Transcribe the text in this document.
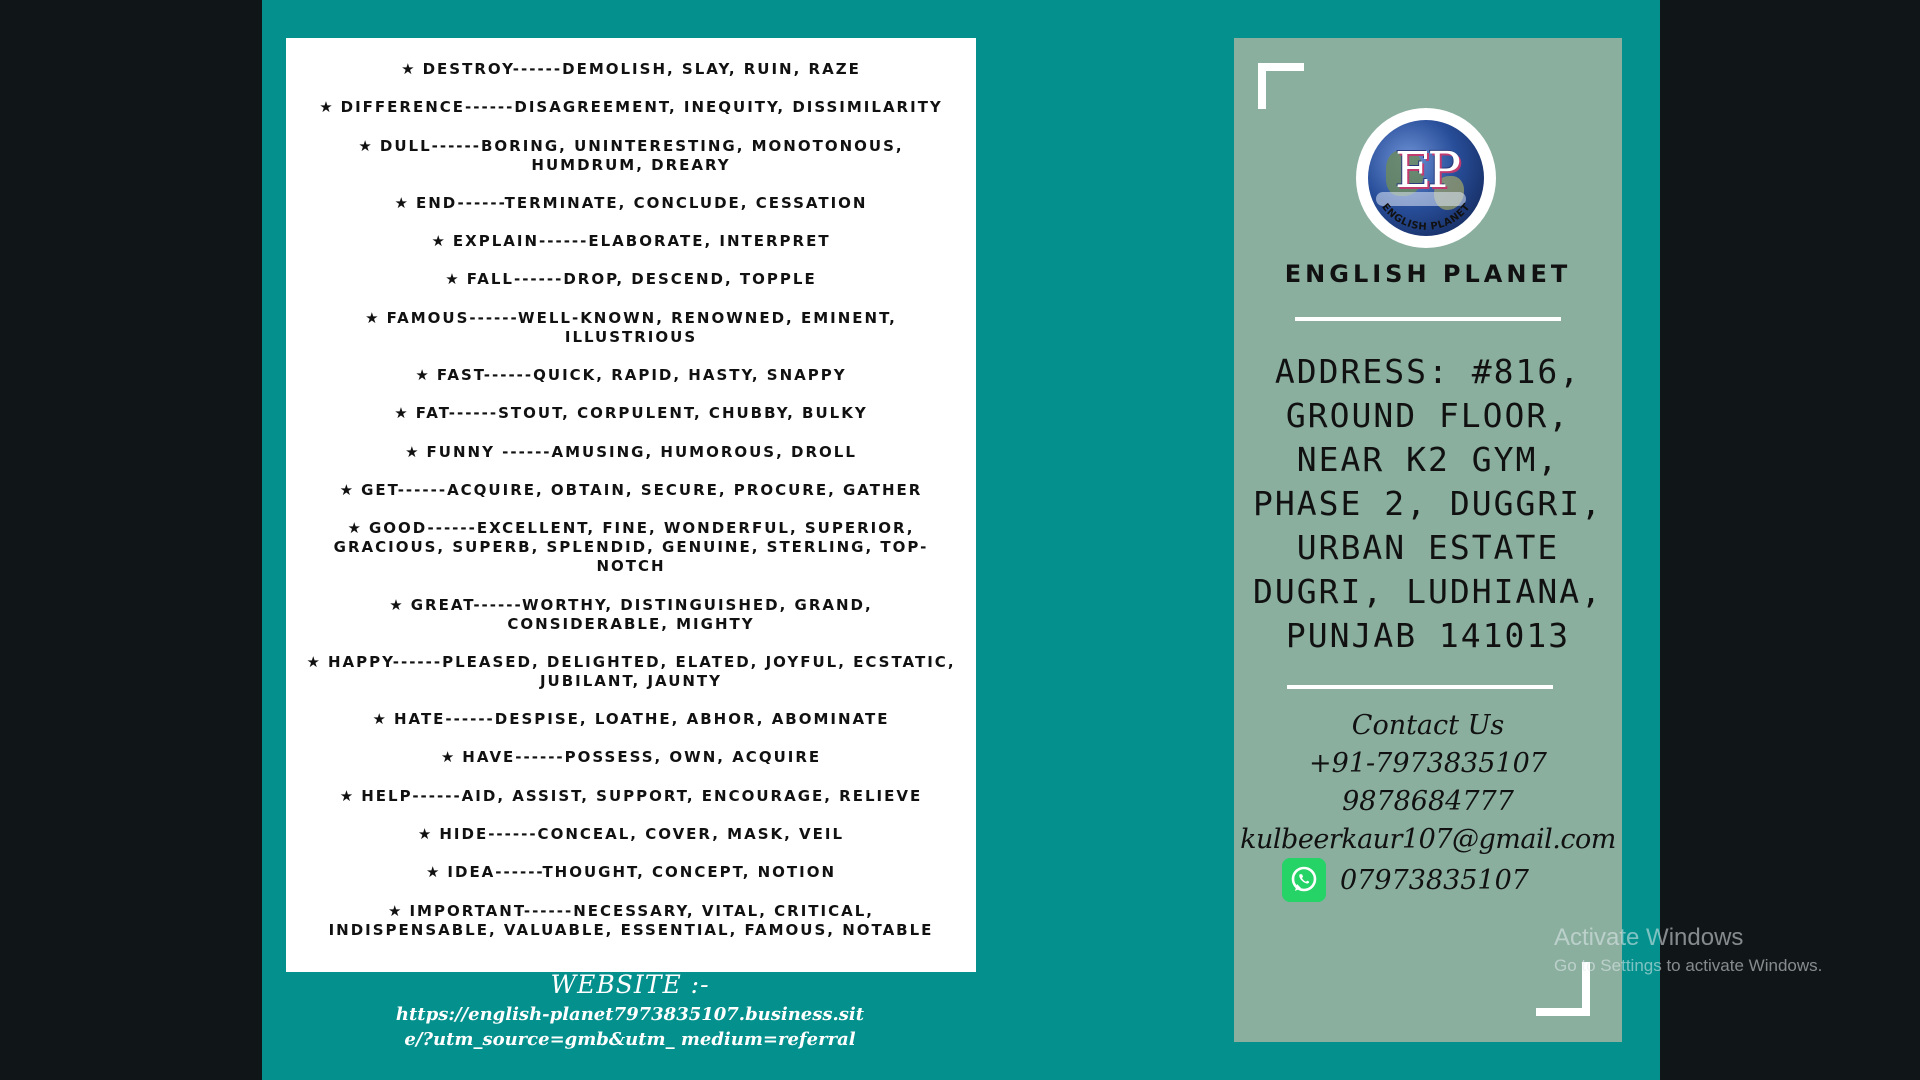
★ DESTROY------DEMOLISH, SLAY, RUIN, RAZE
★ DIFFERENCE------DISAGREEMENT, INEQUITY, DISSIMILARITY
★ DULL------BORING, UNINTERESTING, MONOTONOUS, HUMDRUM, DREARY
★ END------TERMINATE, CONCLUDE, CESSATION
★ EXPLAIN------ELABORATE, INTERPRET
★ FALL------DROP, DESCEND, TOPPLE
★ FAMOUS------WELL-KNOWN, RENOWNED, EMINENT, ILLUSTRIOUS
★ FAST------QUICK, RAPID, HASTY, SNAPPY
★ FAT------STOUT, CORPULENT, CHUBBY, BULKY
★ FUNNY ------AMUSING, HUMOROUS, DROLL
★ GET------ACQUIRE, OBTAIN, SECURE, PROCURE, GATHER
★ GOOD------EXCELLENT, FINE, WONDERFUL, SUPERIOR, GRACIOUS, SUPERB, SPLENDID, GENUINE, STERLING, TOP-NOTCH
★ GREAT------WORTHY, DISTINGUISHED, GRAND, CONSIDERABLE, MIGHTY
★ HAPPY------PLEASED, DELIGHTED, ELATED, JOYFUL, ECSTATIC, JUBILANT, JAUNTY
★ HATE------DESPISE, LOATHE, ABHOR, ABOMINATE
★ HAVE------POSSESS, OWN, ACQUIRE
★ HELP------AID, ASSIST, SUPPORT, ENCOURAGE, RELIEVE
★ HIDE------CONCEAL, COVER, MASK, VEIL
★ IDEA------THOUGHT, CONCEPT, NOTION
★ IMPORTANT------NECESSARY, VITAL, CRITICAL, INDISPENSABLE, VALUABLE, ESSENTIAL, FAMOUS, NOTABLE
WEBSITE :-
https://english-planet7973835107.business.site/?utm_source=gmb&utm_ medium=referral
EP
ENGLISH PLANET
ENGLISH PLANET
ADDRESS: #816, GROUND FLOOR, NEAR K2 GYM, PHASE 2, DUGGRI, URBAN ESTATE DUGRI, LUDHIANA, PUNJAB 141013
Contact Us
+91-7973835107
9878684777
kulbeerkaur107@gmail.com
07973835107
Activate Windows
Go to Settings to activate Windows.
